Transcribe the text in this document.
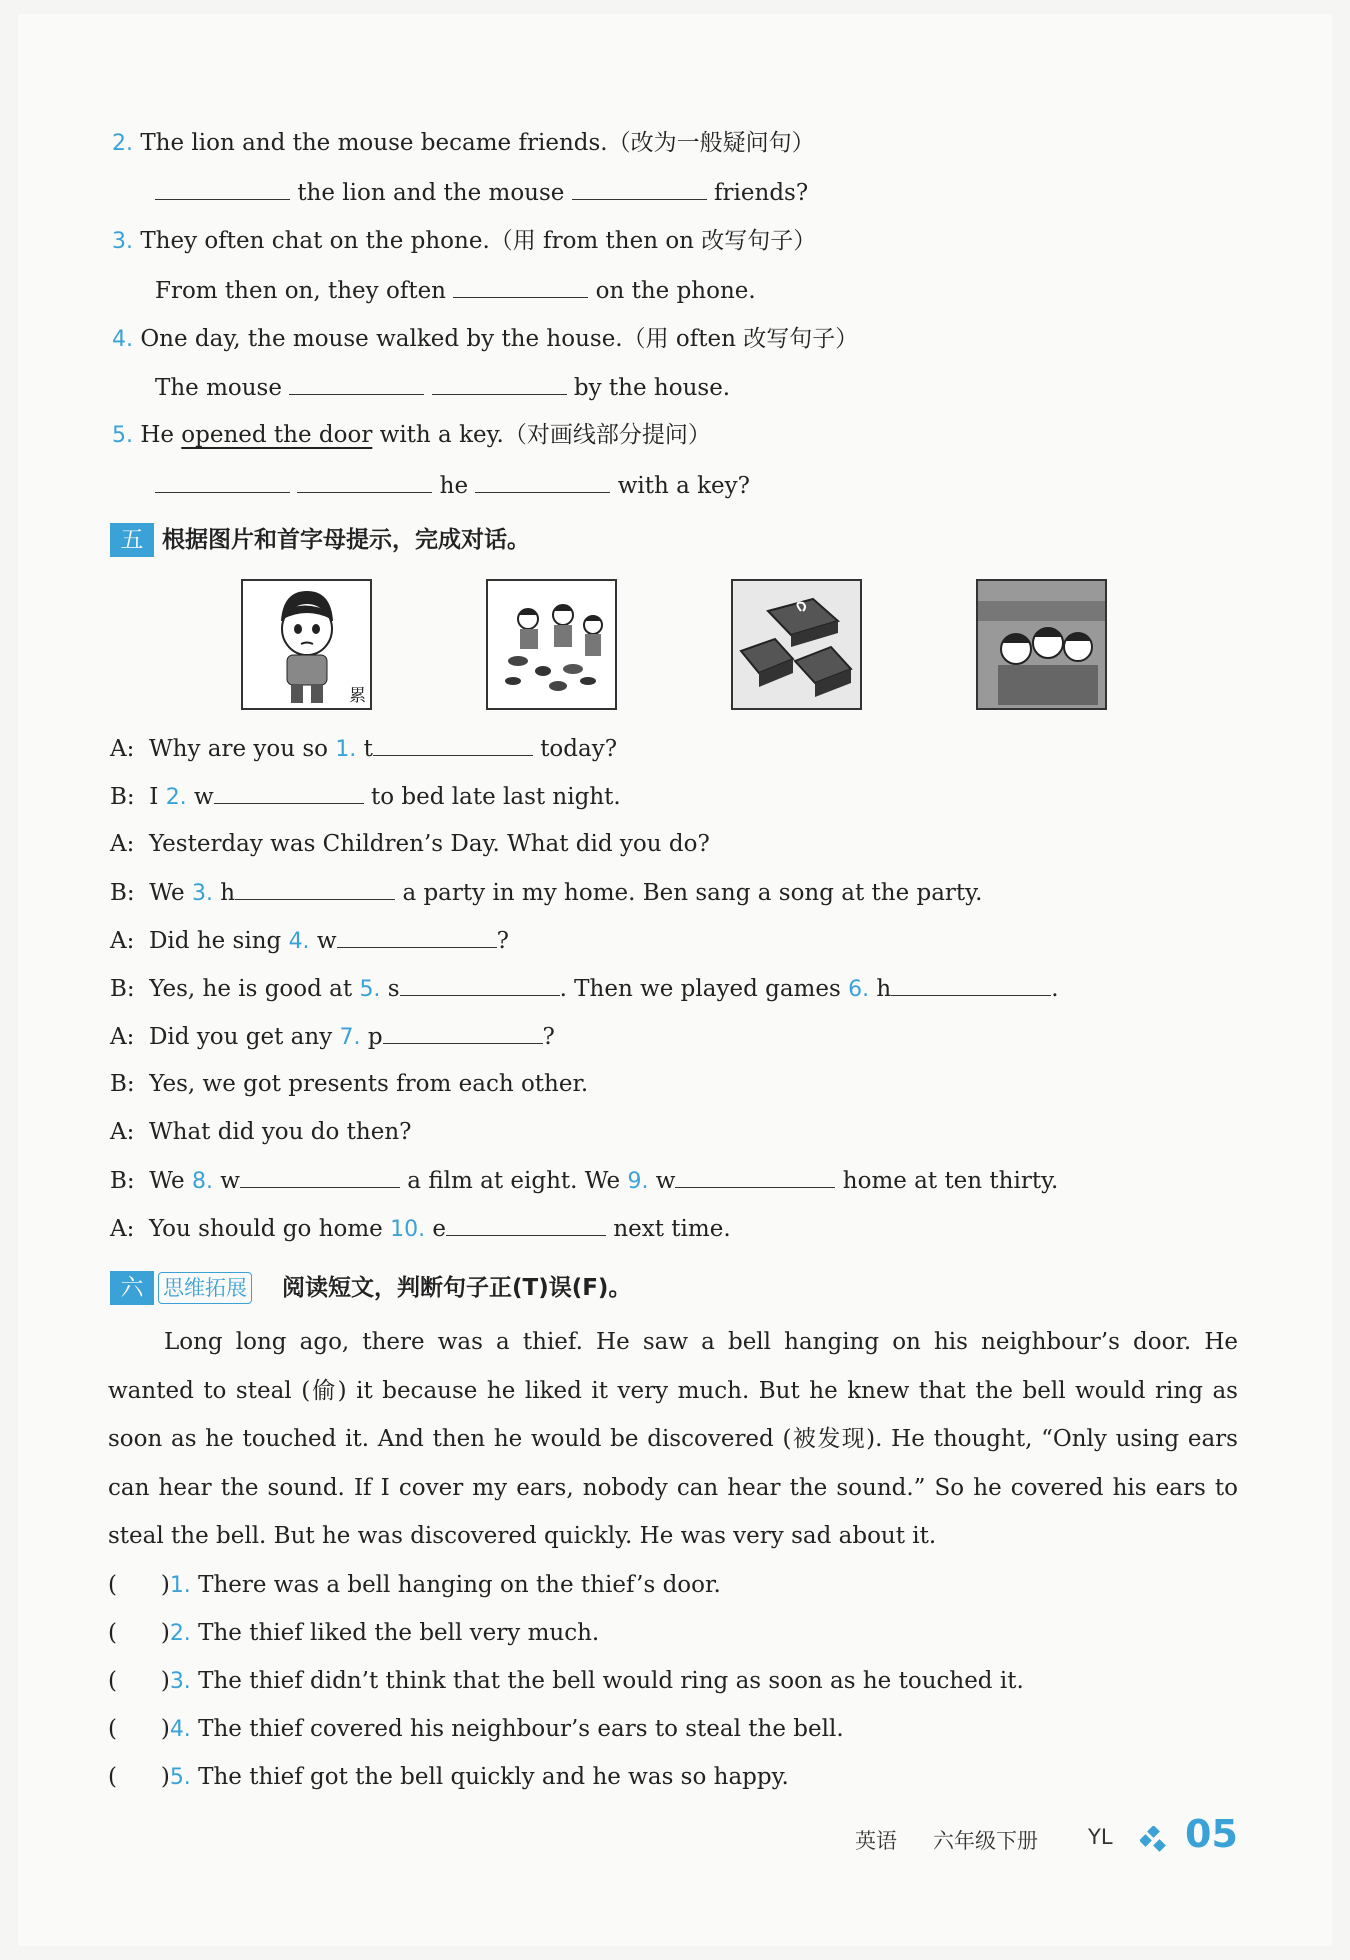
2. The lion and the mouse became friends.（改为一般疑问句）
the lion and the mouse	friends?
3. They often chat on the phone.（用 from then on 改写句子）
From then on, they often	on the phone.
4. One day, the mouse walked by the house.（用 often 改写句子）
The mouse	by the house.
5. He opened the door with a key.（对画线部分提问）
he	with a key?
五 根据图片和首字母提示，完成对话。
累
A: Why are you so 1. t	today?
B: I 2. w	to bed late last night.
A: Yesterday was Children’s Day. What did you do?
B: We 3. h	a party in my home. Ben sang a song at the party.
A: Did he sing 4. w	?
B: Yes, he is good at 5. s	. Then we played games 6. h	.
A: Did you get any 7. p	?
B: Yes, we got presents from each other.
A: What did you do then?
B: We 8. w	a film at eight. We 9. w	home at ten thirty.
A: You should go home 10. e	next time.
六 思维拓展 阅读短文，判断句子正(T)误(F)。
Long long ago, there was a thief. He saw a bell hanging on his neighbour’s door. He wanted to steal (偷) it because he liked it very much. But he knew that the bell would ring as soon as he touched it. And then he would be discovered (被发现). He thought, “Only using ears can hear the sound. If I cover my ears, nobody can hear the sound.” So he covered his ears to steal the bell. But he was discovered quickly. He was very sad about it.
(      )1. There was a bell hanging on the thief’s door.
(      )2. The thief liked the bell very much.
(      )3. The thief didn’t think that the bell would ring as soon as he touched it.
(      )4. The thief covered his neighbour’s ears to steal the bell.
(      )5. The thief got the bell quickly and he was so happy.
英语 六年级下册 YL 05
